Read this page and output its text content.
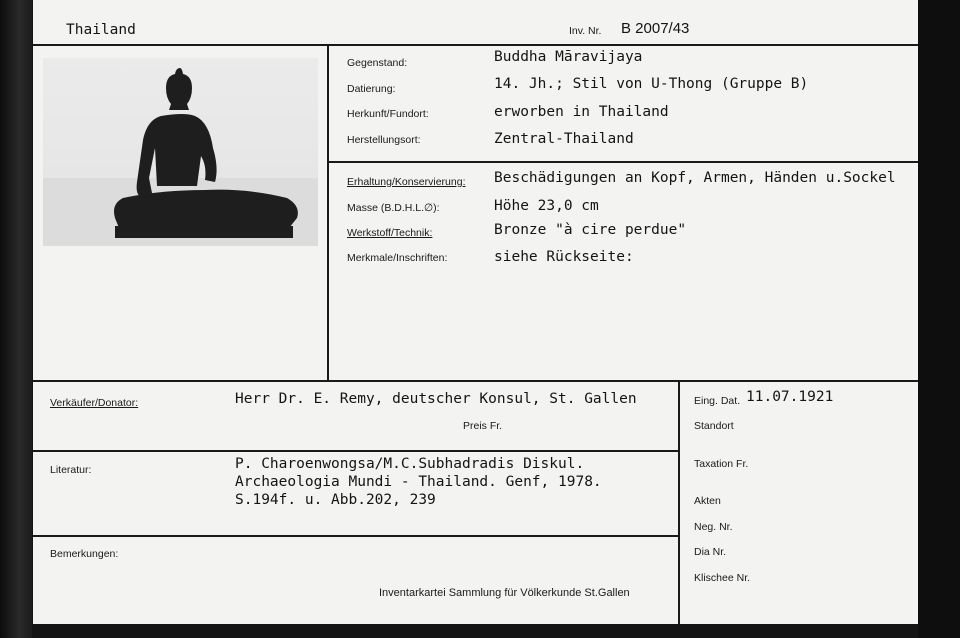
Thailand	Inv. Nr. B 2007/43
Gegenstand:	Buddha Māravijaya
Datierung:	14. Jh.; Stil von U-Thong (Gruppe B)
Herkunft/Fundort:	erworben in Thailand
Herstellungsort:	Zentral-Thailand
Erhaltung/Konservierung: Beschädigungen an Kopf, Armen, Händen u.Sockel
Masse (B.D.H.L.∅):	Höhe 23,0 cm
Werkstoff/Technik:	Bronze "à cire perdue"
Merkmale/Inschriften:	siehe Rückseite:
Verkäufer/Donator:	Herr Dr. E. Remy, deutscher Konsul, St. Gallen
Preis Fr.
Literatur:	P. Charoenwongsa/M.C.Subhadradis Diskul.
Archaeologia Mundi - Thailand. Genf, 1978.
S.194f. u. Abb.202, 239
Bemerkungen:
Eing. Dat. 11.07.1921
Standort
Taxation Fr.
Akten
Neg. Nr.
Dia Nr.
Klischee Nr.
Inventarkartei Sammlung für Völkerkunde St.Gallen
